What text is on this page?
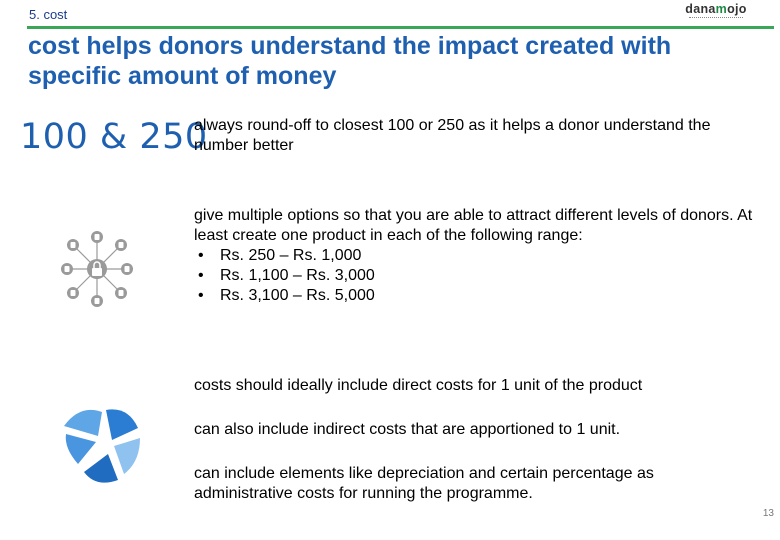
5. cost	danamojo
cost helps donors understand the impact created with specific amount of money
100 & 250
always round-off to closest 100 or 250 as it helps a donor understand the number better
give multiple options so that you are able to attract different levels of donors. At least create one product in each of the following range:
• Rs. 250 – Rs. 1,000
• Rs. 1,100 – Rs. 3,000
• Rs. 3,100 – Rs. 5,000
costs should ideally include direct costs for 1 unit of the product
can also include indirect costs that are apportioned to 1 unit.
can include elements like depreciation and certain percentage as administrative costs for running the programme.
13
